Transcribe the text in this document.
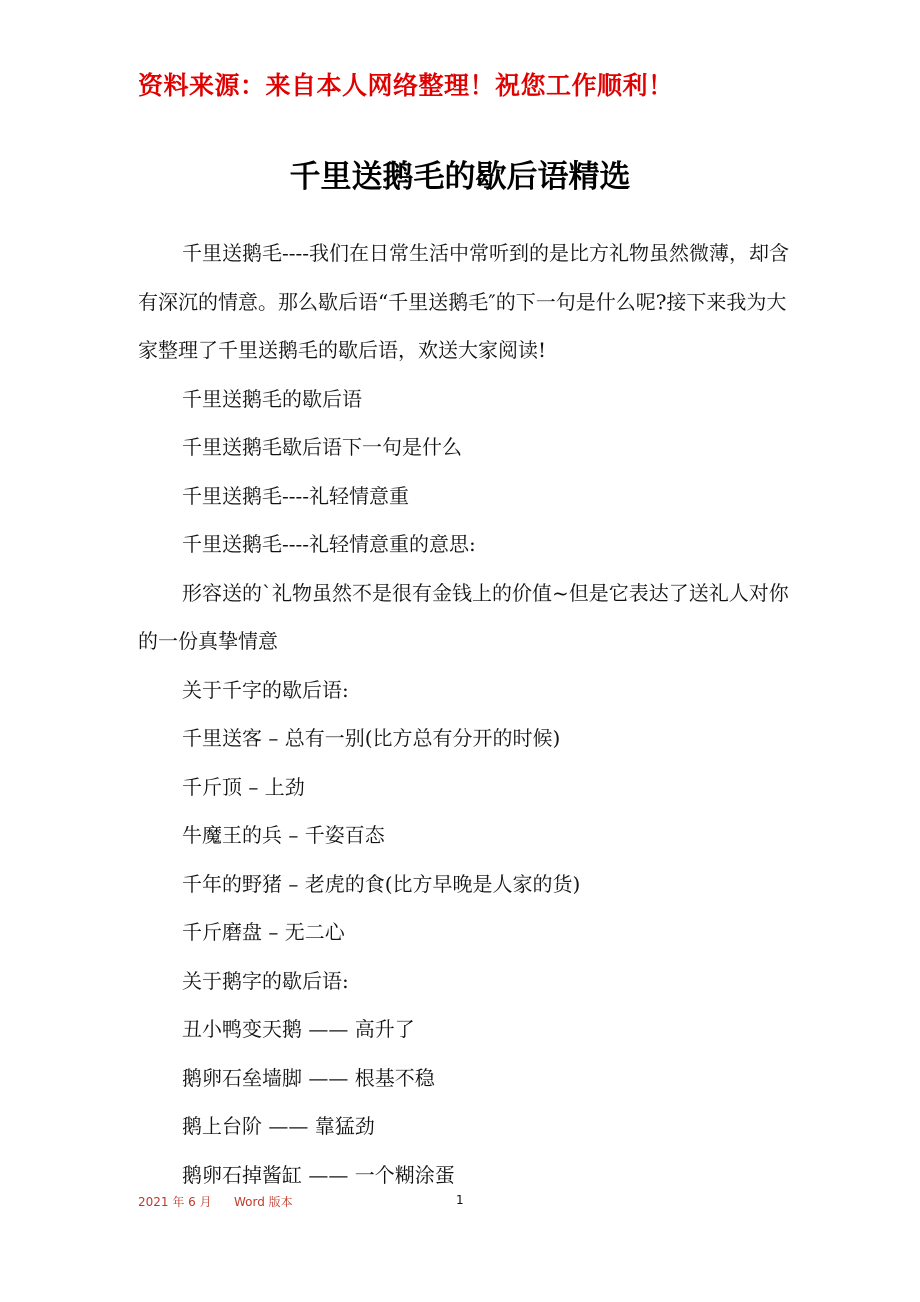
资料来源：来自本人网络整理！祝您工作顺利！
千里送鹅毛的歇后语精选

千里送鹅毛----我们在日常生活中常听到的是比方礼物虽然微薄，却含有深沉的情意。那么歇后语“千里送鹅毛″的下一句是什么呢?接下来我为大家整理了千里送鹅毛的歇后语，欢送大家阅读!

千里送鹅毛的歇后语

千里送鹅毛歇后语下一句是什么

千里送鹅毛----礼轻情意重

千里送鹅毛----礼轻情意重的意思:

形容送的`礼物虽然不是很有金钱上的价值~但是它表达了送礼人对你的一份真挚情意

关于千字的歇后语:

千里送客 – 总有一别(比方总有分开的时候)

千斤顶 – 上劲

牛魔王的兵 – 千姿百态

千年的野猪 – 老虎的食(比方早晚是人家的货)

千斤磨盘 – 无二心

关于鹅字的歇后语:

丑小鸭变天鹅 —— 高升了

鹅卵石垒墙脚 —— 根基不稳

鹅上台阶 —— 靠猛劲

鹅卵石掉酱缸 —— 一个糊涂蛋

2021 年 6 月 Word 版本	1
